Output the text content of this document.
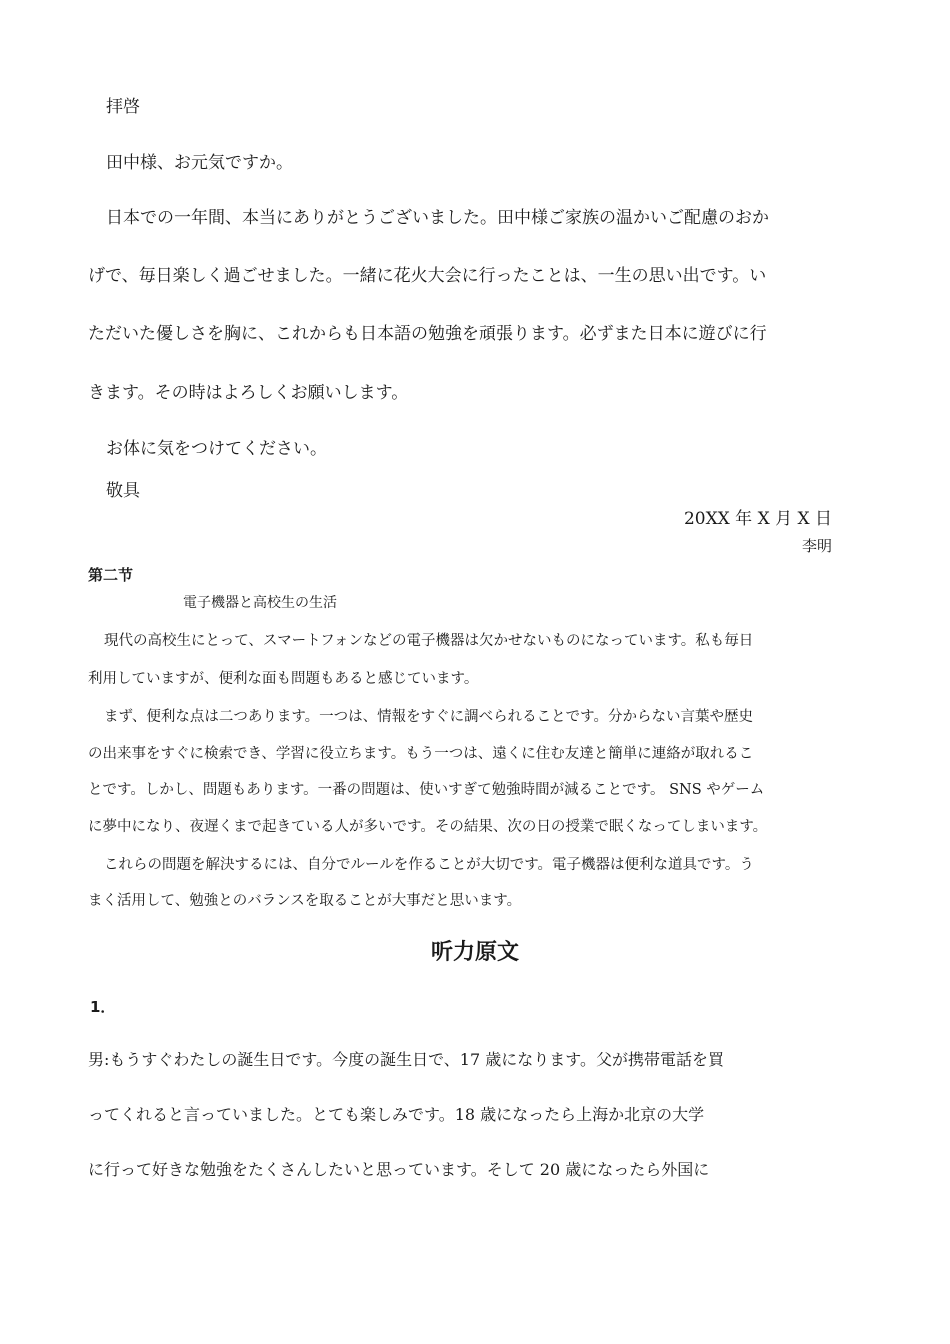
拝啓

田中様、お元気ですか。

日本での一年間、本当にありがとうございました。田中様ご家族の温かいご配慮のおか

げで、毎日楽しく過ごせました。一緒に花火大会に行ったことは、一生の思い出です。い

ただいた優しさを胸に、これからも日本語の勉強を頑張ります。必ずまた日本に遊びに行

きます。その時はよろしくお願いします。

お体に気をつけてください。

敬具

20XX 年 X 月 X 日

李明

第二节

電子機器と高校生の生活

現代の高校生にとって、スマートフォンなどの電子機器は欠かせないものになっています。私も毎日

利用していますが、便利な面も問題もあると感じています。

まず、便利な点は二つあります。一つは、情報をすぐに調べられることです。分からない言葉や歴史

の出来事をすぐに検索でき、学習に役立ちます。もう一つは、遠くに住む友達と簡単に連絡が取れるこ

とです。しかし、問題もあります。一番の問題は、使いすぎて勉強時間が減ることです。 SNS やゲーム

に夢中になり、夜遅くまで起きている人が多いです。その結果、次の日の授業で眠くなってしまいます。

これらの問題を解決するには、自分でルールを作ることが大切です。電子機器は便利な道具です。う

まく活用して、勉強とのバランスを取ることが大事だと思います。

听力原文

1．

男:もうすぐわたしの誕生日です。今度の誕生日で、17 歳になります。父が携帯電話を買

ってくれると言っていました。とても楽しみです。18 歳になったら上海か北京の大学

に行って好きな勉強をたくさんしたいと思っています。そして 20 歳になったら外国に
